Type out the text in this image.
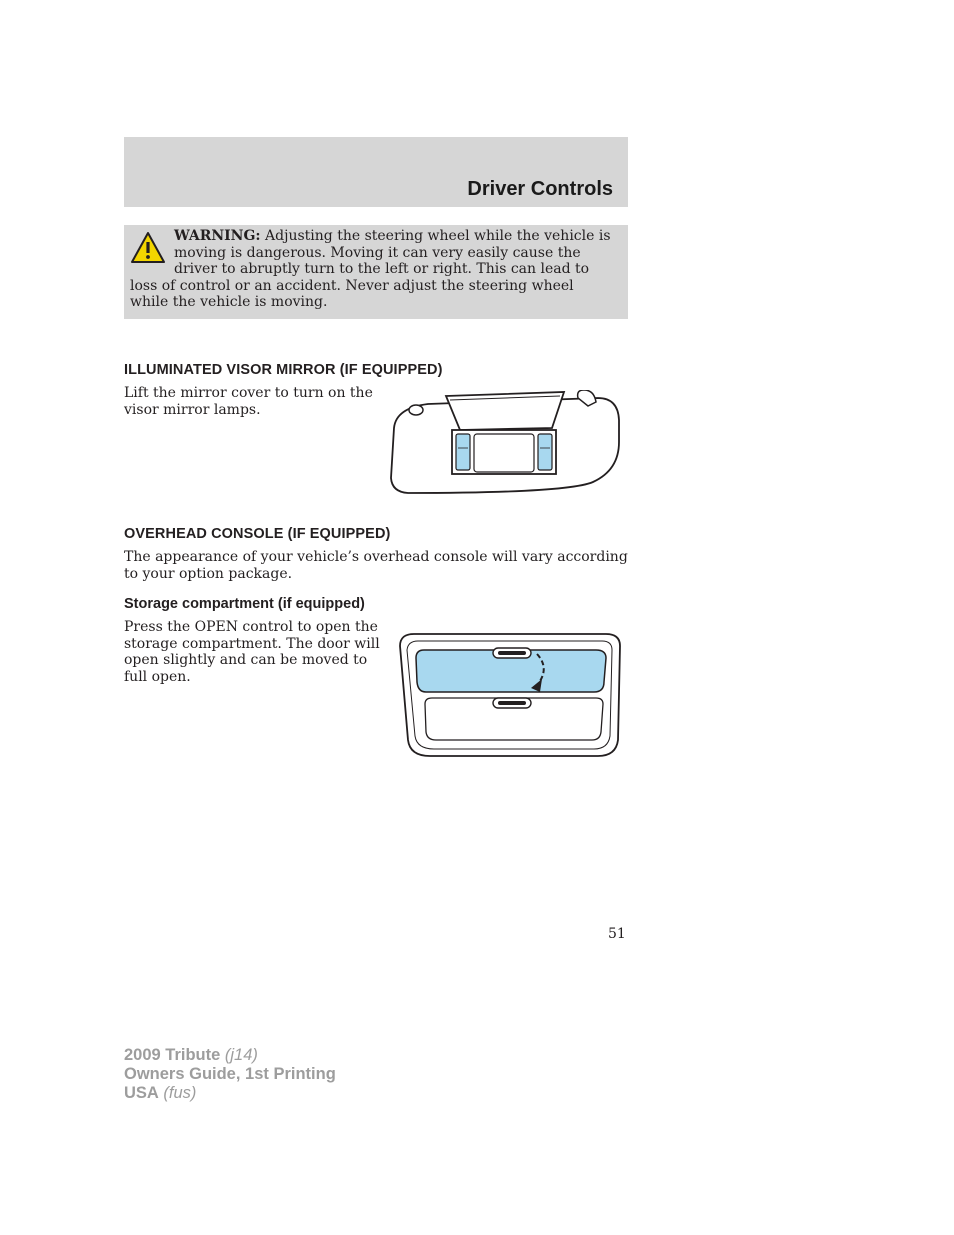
Driver Controls
WARNING: Adjusting the steering wheel while the vehicle is moving is dangerous. Moving it can very easily cause the driver to abruptly turn to the left or right. This can lead to loss of control or an accident. Never adjust the steering wheel while the vehicle is moving.
ILLUMINATED VISOR MIRROR (IF EQUIPPED)
Lift the mirror cover to turn on the visor mirror lamps.
OVERHEAD CONSOLE (IF EQUIPPED)
The appearance of your vehicle’s overhead console will vary according to your option package.
Storage compartment (if equipped)
Press the OPEN control to open the storage compartment. The door will open slightly and can be moved to full open.
51
2009 Tribute (j14)
Owners Guide, 1st Printing
USA (fus)
